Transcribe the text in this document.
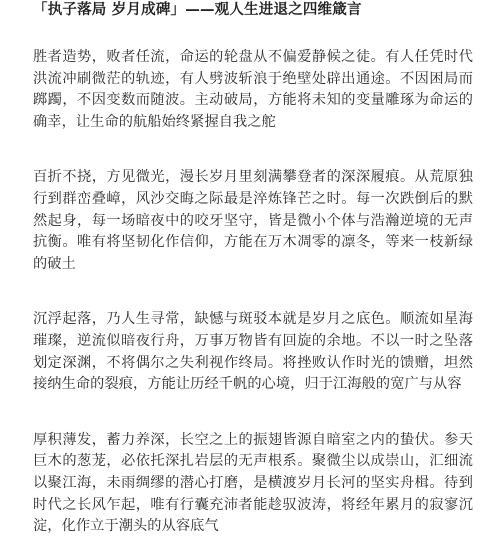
「执子落局 岁月成碑」——观人生进退之四维箴言

胜者造势，败者任流，命运的轮盘从不偏爱静候之徒。有人任凭时代洪流冲刷微茫的轨迹，有人劈波斩浪于绝壁处辟出通途。不因困局而踯躅，不因变数而随波。主动破局，方能将未知的变量雕琢为命运的确幸，让生命的航船始终紧握自我之舵

百折不挠，方见微光，漫长岁月里刻满攀登者的深深履痕。从荒原独行到群峦叠嶂，风沙交晦之际最是淬炼锋芒之时。每一次跌倒后的默然起身，每一场暗夜中的咬牙坚守，皆是微小个体与浩瀚逆境的无声抗衡。唯有将坚韧化作信仰，方能在万木凋零的凛冬，等来一枝新绿的破土

沉浮起落，乃人生寻常，缺憾与斑驳本就是岁月之底色。顺流如星海璀璨，逆流似暗夜行舟，万事万物皆有回旋的余地。不以一时之坠落划定深渊，不将偶尔之失利视作终局。将挫败认作时光的馈赠，坦然接纳生命的裂痕，方能让历经千帆的心境，归于江海般的宽广与从容

厚积薄发，蓄力养深，长空之上的振翅皆源自暗室之内的蛰伏。参天巨木的葱茏，必依托深扎岩层的无声根系。聚微尘以成崇山，汇细流以聚江海，未雨绸缪的潜心打磨，是横渡岁月长河的坚实舟楫。待到时代之长风乍起，唯有行囊充沛者能趁驭波涛，将经年累月的寂寥沉淀，化作立于潮头的从容底气
